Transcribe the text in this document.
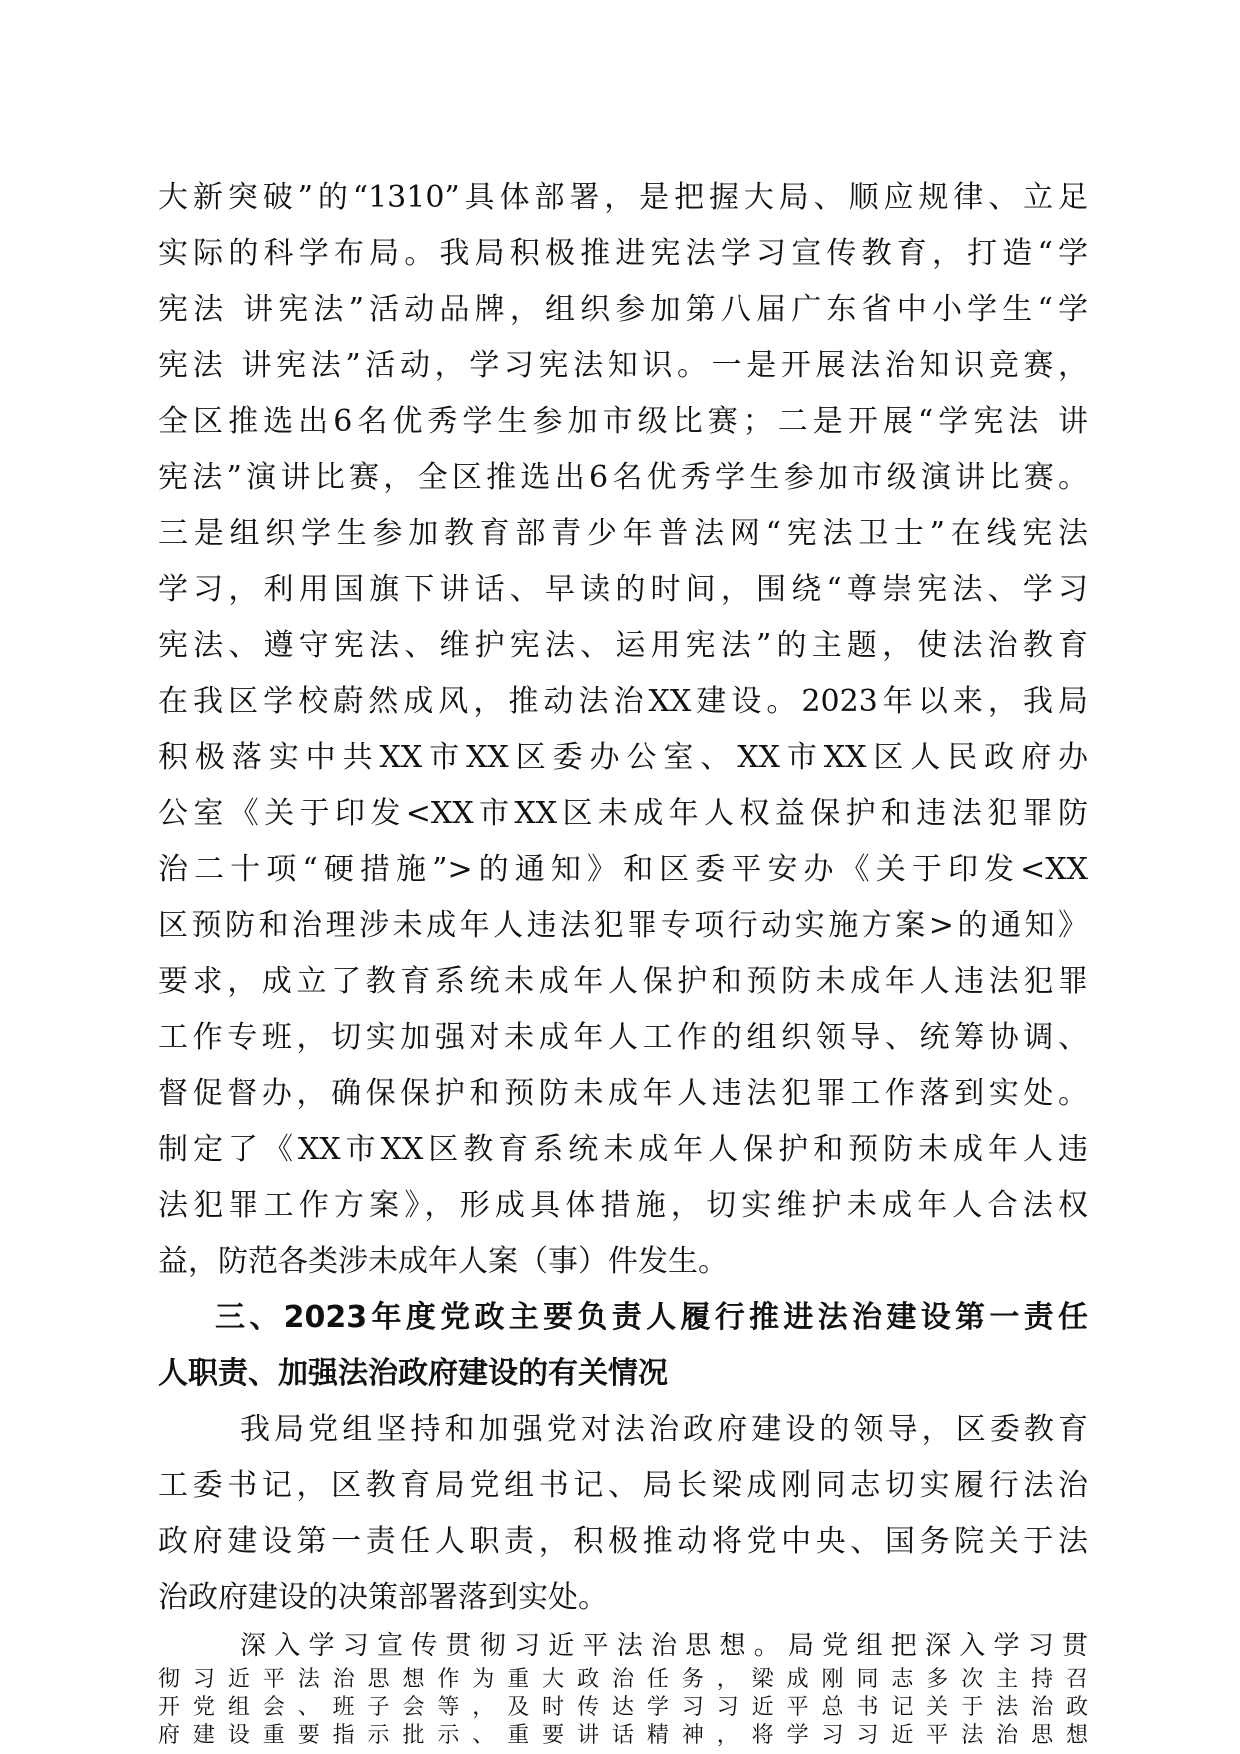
大新突破”的“1310”具体部署，是把握大局、顺应规律、立足
实际的科学布局。我局积极推进宪法学习宣传教育，打造“学
宪法 讲宪法”活动品牌，组织参加第八届广东省中小学生“学
宪法 讲宪法”活动，学习宪法知识。一是开展法治知识竞赛，
全区推选出6名优秀学生参加市级比赛；二是开展“学宪法 讲
宪法”演讲比赛，全区推选出6名优秀学生参加市级演讲比赛。
三是组织学生参加教育部青少年普法网“宪法卫士”在线宪法
学习，利用国旗下讲话、早读的时间，围绕“尊崇宪法、学习
宪法、遵守宪法、维护宪法、运用宪法”的主题，使法治教育
在我区学校蔚然成风，推动法治XX建设。2023年以来，我局
积极落实中共XX市XX区委办公室、XX市XX区人民政府办
公室《关于印发<XX市XX区未成年人权益保护和违法犯罪防
治二十项“硬措施”>的通知》和区委平安办《关于印发<XX
区预防和治理涉未成年人违法犯罪专项行动实施方案>的通知》
要求，成立了教育系统未成年人保护和预防未成年人违法犯罪
工作专班，切实加强对未成年人工作的组织领导、统筹协调、
督促督办，确保保护和预防未成年人违法犯罪工作落到实处。
制定了《XX市XX区教育系统未成年人保护和预防未成年人违
法犯罪工作方案》，形成具体措施，切实维护未成年人合法权
益，防范各类涉未成年人案（事）件发生。
三、2023年度党政主要负责人履行推进法治建设第一责任
人职责、加强法治政府建设的有关情况
我局党组坚持和加强党对法治政府建设的领导，区委教育
工委书记，区教育局党组书记、局长梁成刚同志切实履行法治
政府建设第一责任人职责，积极推动将党中央、国务院关于法
治政府建设的决策部署落到实处。
深入学习宣传贯彻习近平法治思想。局党组把深入学习贯
彻习近平法治思想作为重大政治任务，梁成刚同志多次主持召
开党组会、班子会等，及时传达学习习近平总书记关于法治政
府建设重要指示批示、重要讲话精神，将学习习近平法治思想
